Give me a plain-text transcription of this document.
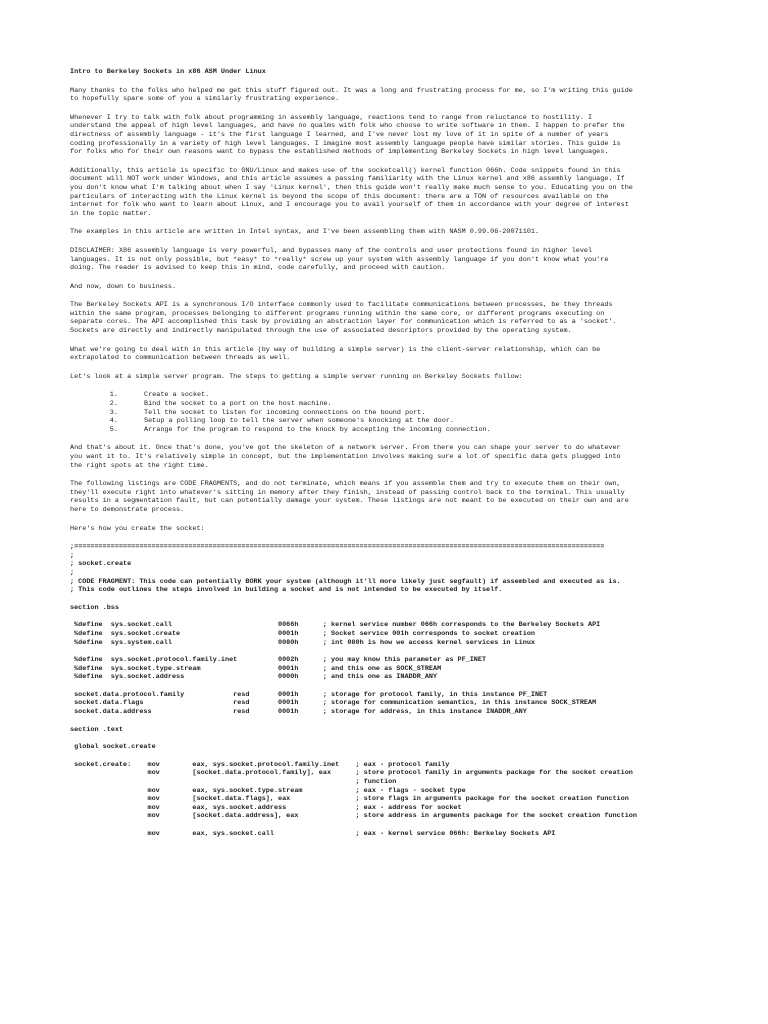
Intro to Berkeley Sockets in x86 ASM Under Linux
Many thanks to the folks who helped me get this stuff figured out. It was a long and frustrating process for me, so I'm writing this guide
to hopefully spare some of you a similarly frustrating experience.
Whenever I try to talk with folk about programming in assembly language, reactions tend to range from reluctance to hostility. I
understand the appeal of high level languages, and have no qualms with folk who choose to write software in them. I happen to prefer the
directness of assembly language - it's the first language I learned, and I've never lost my love of it in spite of a number of years
coding professionally in a variety of high level languages. I imagine most assembly language people have similar stories. This guide is
for folks who for their own reasons want to bypass the established methods of implementing Berkeley Sockets in high level languages.
Additionally, this article is specific to GNU/Linux and makes use of the socketcall() kernel function 066h. Code snippets found in this
document will NOT work under Windows, and this article assumes a passing familiarity with the Linux kernel and x86 assembly language. If
you don't know what I'm talking about when I say 'Linux kernel', then this guide won't really make much sense to you. Educating you on the
particulars of interacting with the Linux kernel is beyond the scope of this document: there are a TON of resources available on the
internet for folk who want to learn about Linux, and I encourage you to avail yourself of them in accordance with your degree of interest
in the topic matter.
The examples in this article are written in Intel syntax, and I've been assembling them with NASM 0.99.06-20071101.
DISCLAIMER: X86 assembly language is very powerful, and bypasses many of the controls and user protections found in higher level
languages. It is not only possible, but *easy* to *really* screw up your system with assembly language if you don't know what you're
doing. The reader is advised to keep this in mind, code carefully, and proceed with caution.
And now, down to business.
The Berkeley Sockets API is a synchronous I/O interface commonly used to facilitate communications between processes, be they threads
within the same program, processes belonging to different programs running within the same core, or different programs executing on
separate cores. The API accomplished this task by providing an abstraction layer for communication which is referred to as a 'socket'.
Sockets are directly and indirectly manipulated through the use of associated descriptors provided by the operating system.
What we're going to deal with in this article (by way of building a simple server) is the client-server relationship, which can be
extrapolated to communication between threads as well.
Let's look at a simple server program. The steps to getting a simple server running on Berkeley Sockets follow:
1. Create a socket.
2. Bind the socket to a port on the host machine.
3. Tell the socket to listen for incoming connections on the bound port.
4. Setup a polling loop to tell the server when someone's knocking at the door.
5. Arrange for the program to respond to the knock by accepting the incoming connection.
And that's about it. Once that's done, you've got the skeleton of a network server. From there you can shape your server to do whatever
you want it to. It's relatively simple in concept, but the implementation involves making sure a lot of specific data gets plugged into
the right spots at the right time.
The following listings are CODE FRAGMENTS, and do not terminate, which means if you assemble them and try to execute them on their own,
they'll execute right into whatever's sitting in memory after they finish, instead of passing control back to the terminal. This usually
results in a segmentation fault, but can potentially damage your system. These listings are not meant to be executed on their own and are
here to demonstrate process.
Here's how you create the socket:
;==================================================================================================================================
;
; socket.create
;
; CODE FRAGMENT: This code can potentially BORK your system (although it'll more likely just segfault) if assembled and executed as is.
; This code outlines the steps involved in building a socket and is not intended to be executed by itself.
section .bss
%define  sys.socket.call                          0066h      ; kernel service number 066h corresponds to the Berkeley Sockets API
%define  sys.socket.create                        0001h      ; Socket service 001h corresponds to socket creation
%define  sys.system.call                          0080h      ; int 080h is how we access kernel services in Linux
%define  sys.socket.protocol.family.inet          0002h      ; you may know this parameter as PF_INET
%define  sys.socket.type.stream                   0001h      ; and this one as SOCK_STREAM
%define  sys.socket.address                       0000h      ; and this one as INADDR_ANY
socket.data.protocol.family            resd       0001h      ; storage for protocol family, in this instance PF_INET
socket.data.flags                      resd       0001h      ; storage for communication semantics, in this instance SOCK_STREAM
socket.data.address                    resd       0001h      ; storage for address, in this instance INADDR_ANY
section .text
global socket.create
socket.create:    mov        eax, sys.socket.protocol.family.inet    ; eax - protocol family
mov        [socket.data.protocol.family], eax      ; store protocol family in arguments package for the socket creation
; function
mov        eax, sys.socket.type.stream             ; eax - flags - socket type
mov        [socket.data.flags], eax                ; store flags in arguments package for the socket creation function
mov        eax, sys.socket.address                 ; eax - address for socket
mov        [socket.data.address], eax              ; store address in arguments package for the socket creation function
mov        eax, sys.socket.call                    ; eax - kernel service 066h: Berkeley Sockets API
